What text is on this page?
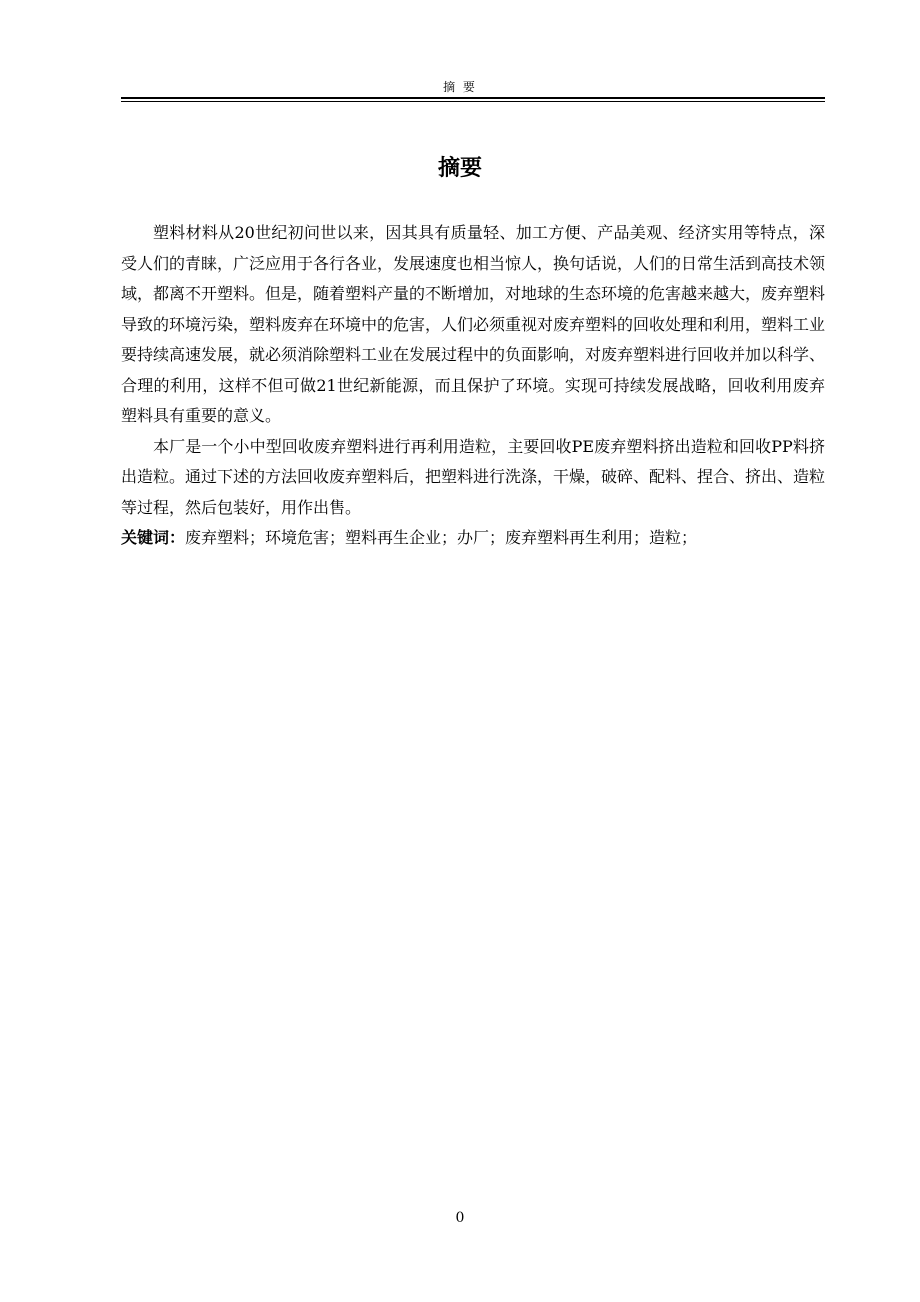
摘 要
摘要

塑料材料从20世纪初问世以来，因其具有质量轻、加工方便、产品美观、经济实用等特点，深受人们的青睐，广泛应用于各行各业，发展速度也相当惊人，换句话说，人们的日常生活到高技术领域，都离不开塑料。但是，随着塑料产量的不断增加，对地球的生态环境的危害越来越大，废弃塑料导致的环境污染，塑料废弃在环境中的危害，人们必须重视对废弃塑料的回收处理和利用，塑料工业要持续高速发展，就必须消除塑料工业在发展过程中的负面影响，对废弃塑料进行回收并加以科学、合理的利用，这样不但可做21世纪新能源，而且保护了环境。实现可持续发展战略，回收利用废弃塑料具有重要的意义。

本厂是一个小中型回收废弃塑料进行再利用造粒，主要回收PE废弃塑料挤出造粒和回收PP料挤出造粒。通过下述的方法回收废弃塑料后，把塑料进行洗涤，干燥，破碎、配料、捏合、挤出、造粒等过程，然后包装好，用作出售。

关键词：废弃塑料；环境危害；塑料再生企业；办厂；废弃塑料再生利用；造粒；

0
